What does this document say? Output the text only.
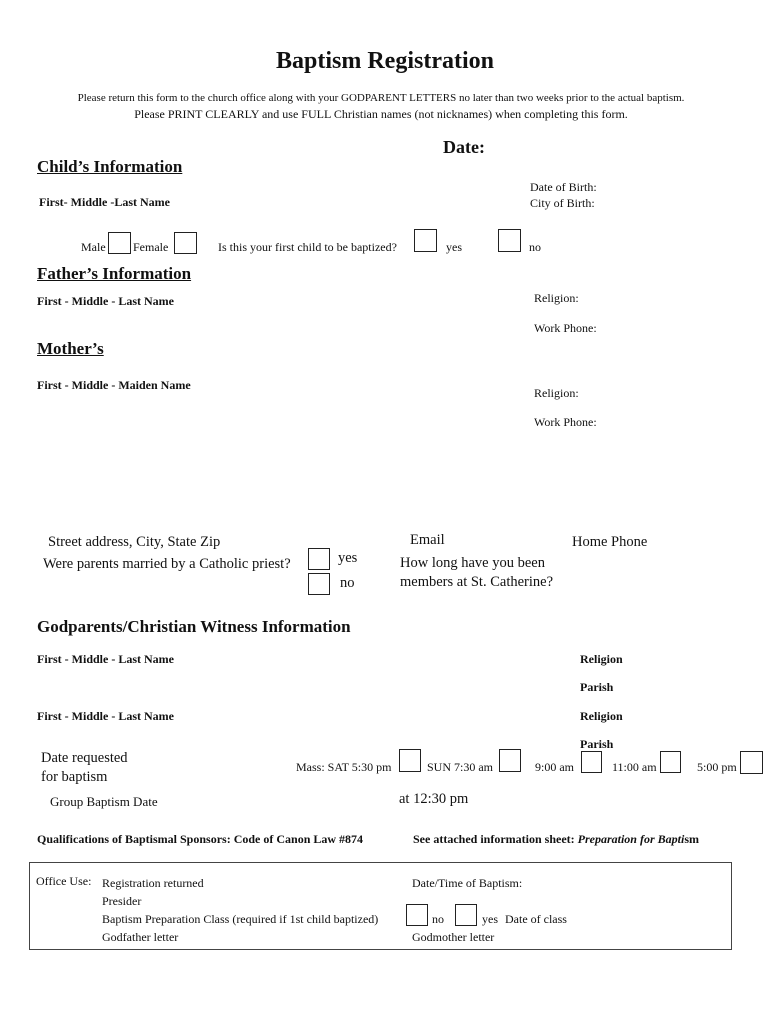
Baptism Registration
Please return this form to the church office along with your GODPARENT LETTERS no later than two weeks prior to the actual baptism.
Please PRINT CLEARLY and use FULL Christian names (not nicknames) when completing this form.
Date:
Child’s Information
First- Middle -Last Name
Date of Birth:
City of Birth:
Male Female	Is this your first child to be baptized?	yes	no
Father’s Information
First - Middle - Last Name	Religion:
Work Phone:
Mother’s
First - Middle - Maiden Name
Religion:
Work Phone:
Street address, City, State Zip	Email	Home Phone
Were parents married by a Catholic priest?	yes
no
How long have you been
members at St. Catherine?
Godparents/Christian Witness Information
First - Middle - Last Name	Religion
Parish
First - Middle - Last Name	Religion
Parish
Date requested
for baptism
Mass: SAT 5:30 pm	SUN 7:30 am	9:00 am	11:00 am	5:00 pm
Group Baptism Date	at 12:30 pm
Qualifications of Baptismal Sponsors: Code of Canon Law #874	See attached information sheet: Preparation for Baptism
Office Use: Registration returned
Presider
Baptism Preparation Class (required if 1st child baptized)	no	yes Date of class
Godfather letter
Date/Time of Baptism:
Godmother letter
